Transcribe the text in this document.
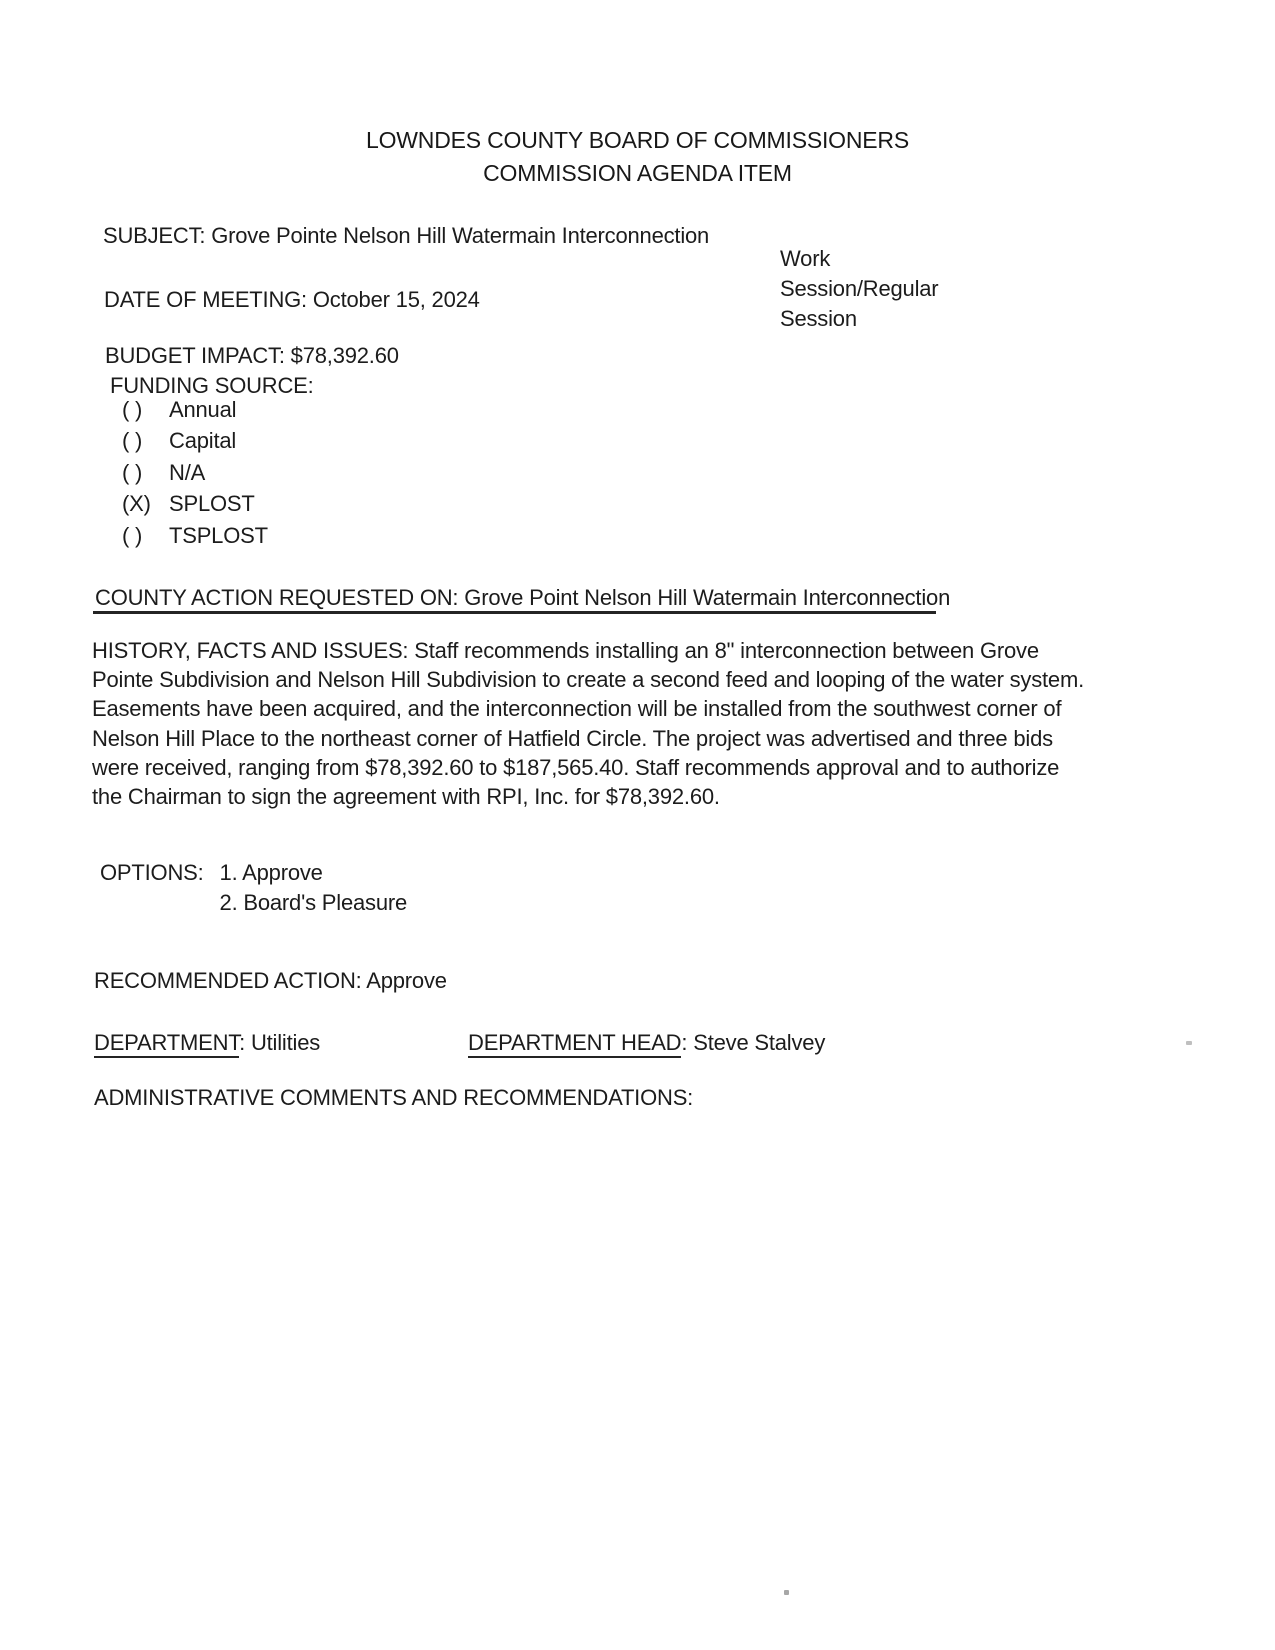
LOWNDES COUNTY BOARD OF COMMISSIONERS
COMMISSION AGENDA ITEM
SUBJECT: Grove Pointe Nelson Hill Watermain Interconnection
Work
Session/Regular
Session
DATE OF MEETING: October 15, 2024
BUDGET IMPACT: $78,392.60
FUNDING SOURCE:
( )	Annual
( )	Capital
( )	N/A
(X) SPLOST
( )	TSPLOST
COUNTY ACTION REQUESTED ON: Grove Point Nelson Hill Watermain Interconnection
HISTORY, FACTS AND ISSUES: Staff recommends installing an 8" interconnection between Grove Pointe Subdivision and Nelson Hill Subdivision to create a second feed and looping of the water system. Easements have been acquired, and the interconnection will be installed from the southwest corner of Nelson Hill Place to the northeast corner of Hatfield Circle. The project was advertised and three bids were received, ranging from $78,392.60 to $187,565.40. Staff recommends approval and to authorize the Chairman to sign the agreement with RPI, Inc. for $78,392.60.
OPTIONS: 1. Approve
2. Board's Pleasure
RECOMMENDED ACTION: Approve
DEPARTMENT: Utilities	DEPARTMENT HEAD: Steve Stalvey
ADMINISTRATIVE COMMENTS AND RECOMMENDATIONS:
